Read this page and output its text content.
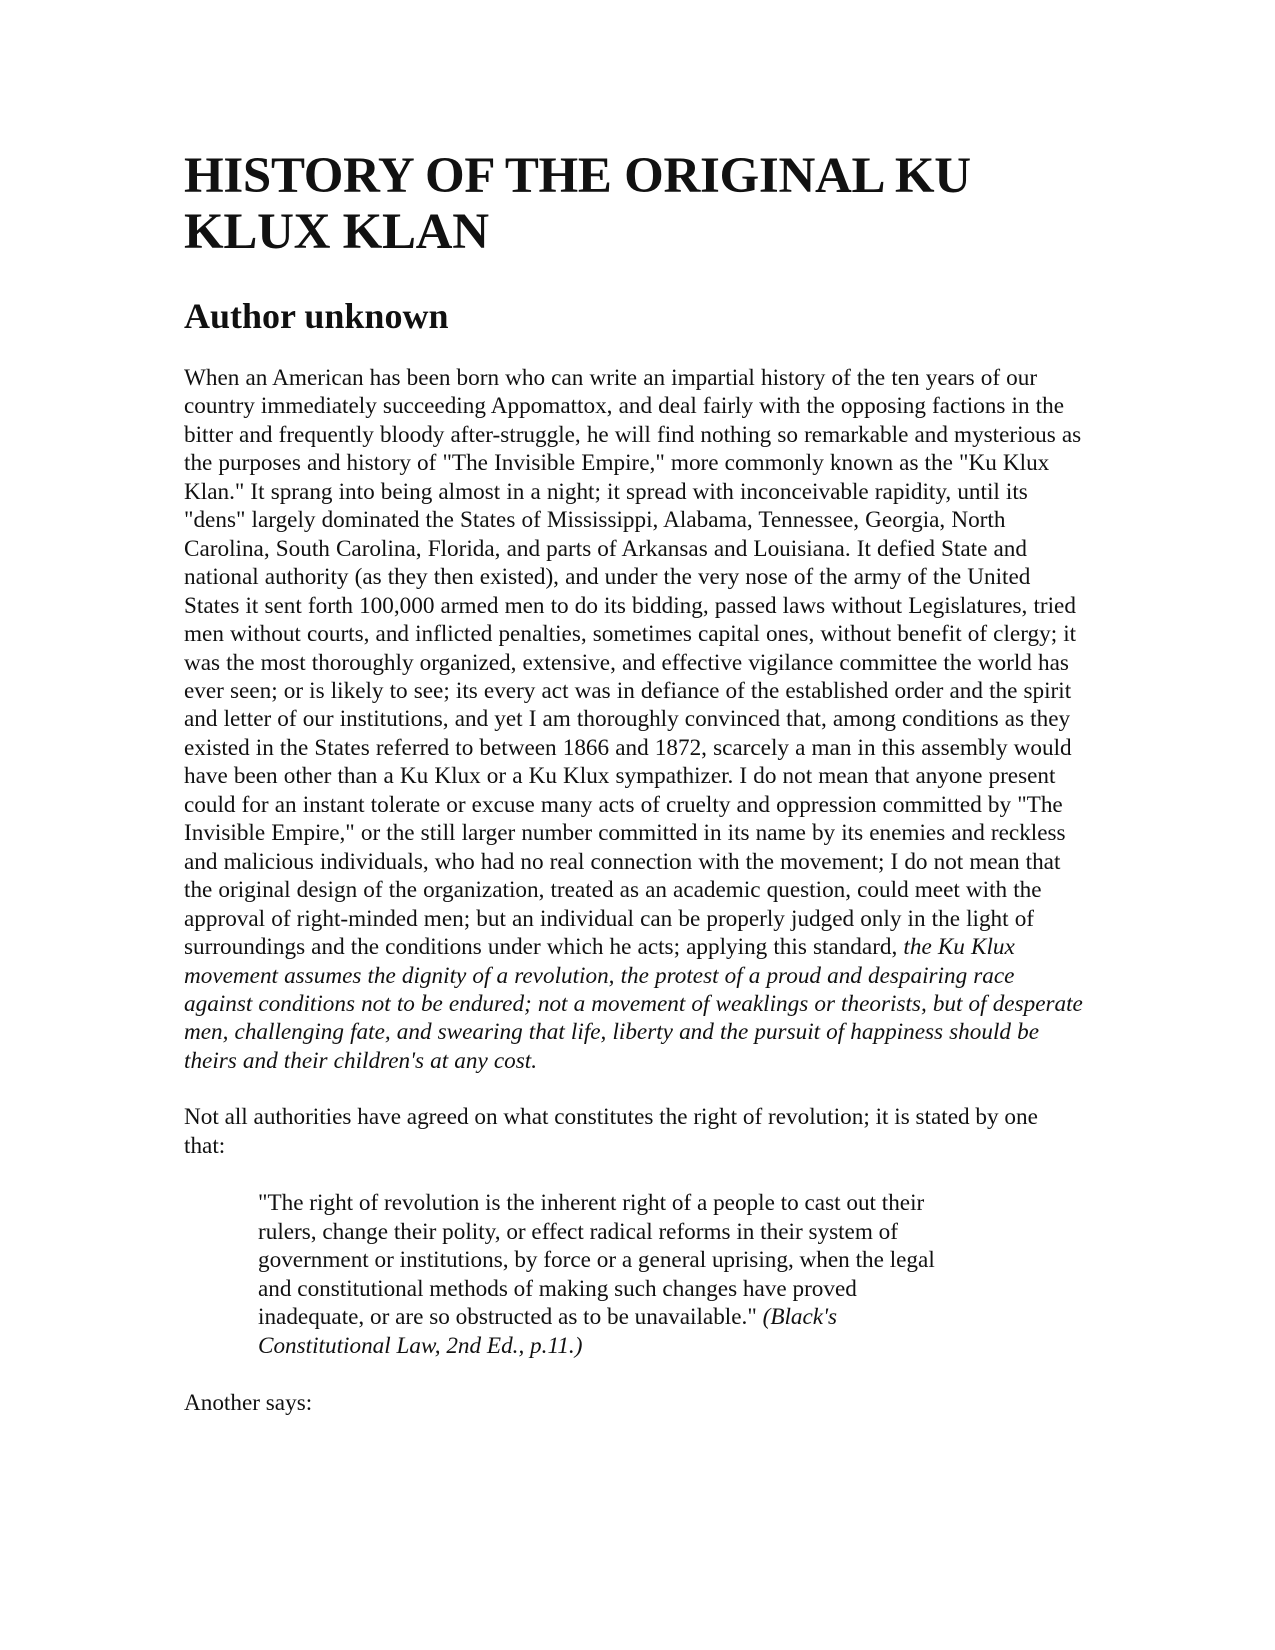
HISTORY OF THE ORIGINAL KU KLUX KLAN
Author unknown

When an American has been born who can write an impartial history of the ten years of our country immediately succeeding Appomattox, and deal fairly with the opposing factions in the bitter and frequently bloody after-struggle, he will find nothing so remarkable and mysterious as the purposes and history of "The Invisible Empire," more commonly known as the "Ku Klux Klan." It sprang into being almost in a night; it spread with inconceivable rapidity, until its "dens" largely dominated the States of Mississippi, Alabama, Tennessee, Georgia, North Carolina, South Carolina, Florida, and parts of Arkansas and Louisiana. It defied State and national authority (as they then existed), and under the very nose of the army of the United States it sent forth 100,000 armed men to do its bidding, passed laws without Legislatures, tried men without courts, and inflicted penalties, sometimes capital ones, without benefit of clergy; it was the most thoroughly organized, extensive, and effective vigilance committee the world has ever seen; or is likely to see; its every act was in defiance of the established order and the spirit and letter of our institutions, and yet I am thoroughly convinced that, among conditions as they existed in the States referred to between 1866 and 1872, scarcely a man in this assembly would have been other than a Ku Klux or a Ku Klux sympathizer. I do not mean that anyone present could for an instant tolerate or excuse many acts of cruelty and oppression committed by "The Invisible Empire," or the still larger number committed in its name by its enemies and reckless and malicious individuals, who had no real connection with the movement; I do not mean that the original design of the organization, treated as an academic question, could meet with the approval of right-minded men; but an individual can be properly judged only in the light of surroundings and the conditions under which he acts; applying this standard, the Ku Klux movement assumes the dignity of a revolution, the protest of a proud and despairing race against conditions not to be endured; not a movement of weaklings or theorists, but of desperate men, challenging fate, and swearing that life, liberty and the pursuit of happiness should be theirs and their children's at any cost.

Not all authorities have agreed on what constitutes the right of revolution; it is stated by one that:

"The right of revolution is the inherent right of a people to cast out their rulers, change their polity, or effect radical reforms in their system of government or institutions, by force or a general uprising, when the legal and constitutional methods of making such changes have proved inadequate, or are so obstructed as to be unavailable." (Black's Constitutional Law, 2nd Ed., p.11.)

Another says:
